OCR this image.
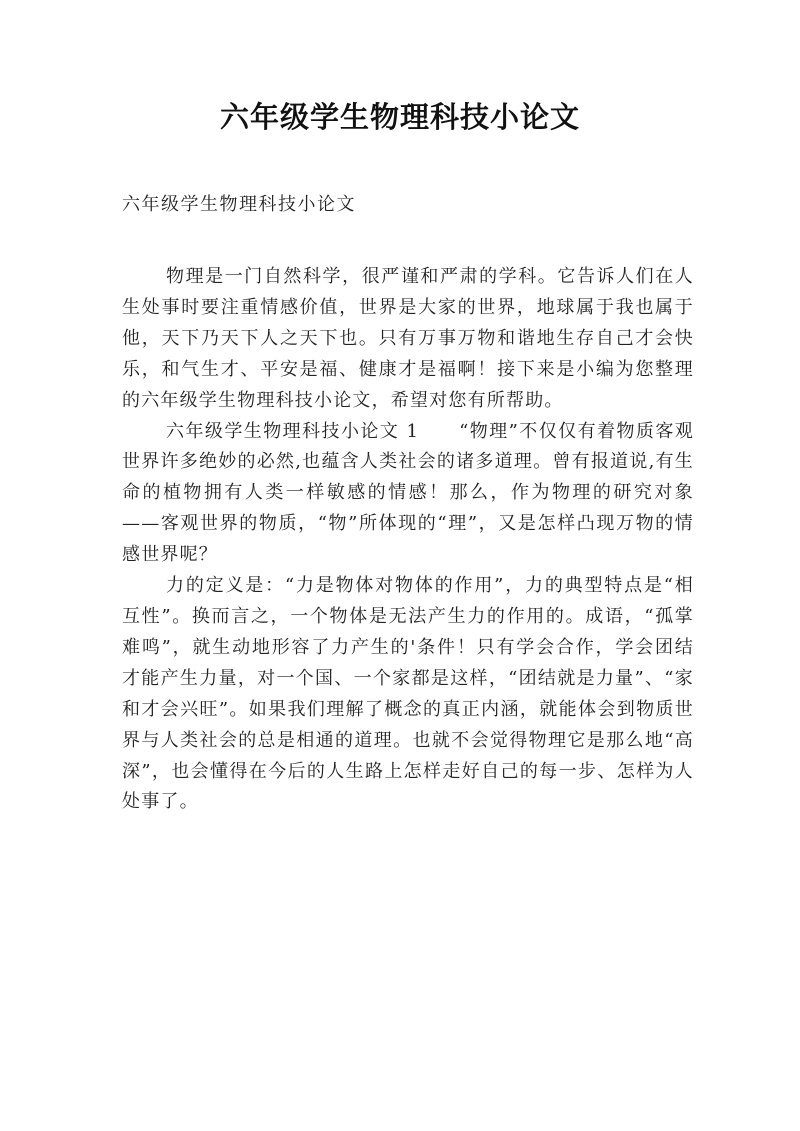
六年级学生物理科技小论文
六年级学生物理科技小论文

物理是一门自然科学，很严谨和严肃的学科。它告诉人们在人生处事时要注重情感价值，世界是大家的世界，地球属于我也属于他，天下乃天下人之天下也。只有万事万物和谐地生存自己才会快乐，和气生才、平安是福、健康才是福啊！接下来是小编为您整理的六年级学生物理科技小论文，希望对您有所帮助。

六年级学生物理科技小论文 1 “物理”不仅仅有着物质客观世界许多绝妙的必然,也蕴含人类社会的诸多道理。曾有报道说,有生命的植物拥有人类一样敏感的情感！那么，作为物理的研究对象——客观世界的物质，“物”所体现的“理”，又是怎样凸现万物的情感世界呢？

力的定义是：“力是物体对物体的作用”，力的典型特点是“相互性”。换而言之，一个物体是无法产生力的作用的。成语，“孤掌难鸣”，就生动地形容了力产生的'条件！只有学会合作，学会团结才能产生力量，对一个国、一个家都是这样，“团结就是力量”、“家和才会兴旺”。如果我们理解了概念的真正内涵，就能体会到物质世界与人类社会的总是相通的道理。也就不会觉得物理它是那么地“高深”，也会懂得在今后的人生路上怎样走好自己的每一步、怎样为人处事了。
